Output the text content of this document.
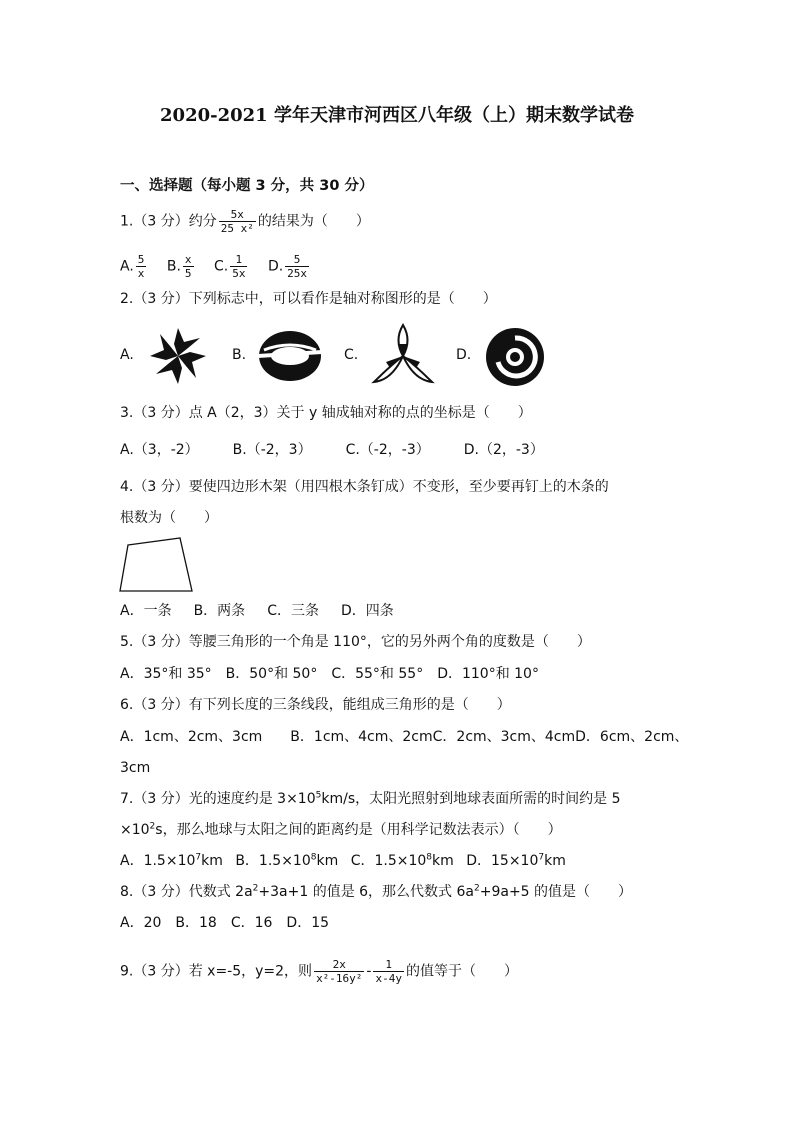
2020-2021 学年天津市河西区八年级（上）期末数学试卷
一、选择题（每小题 3 分，共 30 分）
1.（3 分）约分 $\frac{5x}{\text{25 x²}}$ 的结果为（　　）
A. $\frac{5}{x} B$. $\frac{x}{5} C$. $\frac{1}{5x} D$. $\frac{5}{25x}$
2.（3 分）下列标志中，可以看作是轴对称图形的是（　　）
A.	B.	C.	D.
3.（3 分）点 A（2，3）关于 y 轴成轴对称的点的坐标是（　　）
A.（3，-2） B.（-2，3） C.（-2，-3） D.（2，-3）
4.（3 分）要使四边形木架（用四根木条钉成）不变形，至少要再钉上的木条的
根数为（　　）
A．一条 B．两条 C．三条 D．四条
5.（3 分）等腰三角形的一个角是 110°，它的另外两个角的度数是（　　）
A．35°和 35° B．50°和 50° C．55°和 55° D．110°和 10°
6.（3 分）有下列长度的三条线段，能组成三角形的是（　　）
A．1cm、2cm、3cm　　B．1cm、4cm、2cmC．2cm、3cm、4cmD．6cm、2cm、
3cm
7.（3 分）光的速度约是 $3\times 10^5km/s$，太阳光照射到地球表面所需的时间约是 5
$\times 10^2s$，那么地球与太阳之间的距离约是（用科学记数法表示）（　　）
A．$1.5\times 10^7km$ B．$1.5\times 10^8km$ C．$1.5\times 10^8km$ D．$15\times 10^7km$
8.（3 分）代数式 $2a^2+3a+1$ 的值是 6，那么代数式 $6a^2+9a+5$ 的值是（　　）
A．20 B．18 C．16 D．15
9.（3 分）若 x=-5，y=2，则 $\frac{2x}{\text{x²-16y²}} - \frac{1}{x-4y}$ 的值等于（　　）
